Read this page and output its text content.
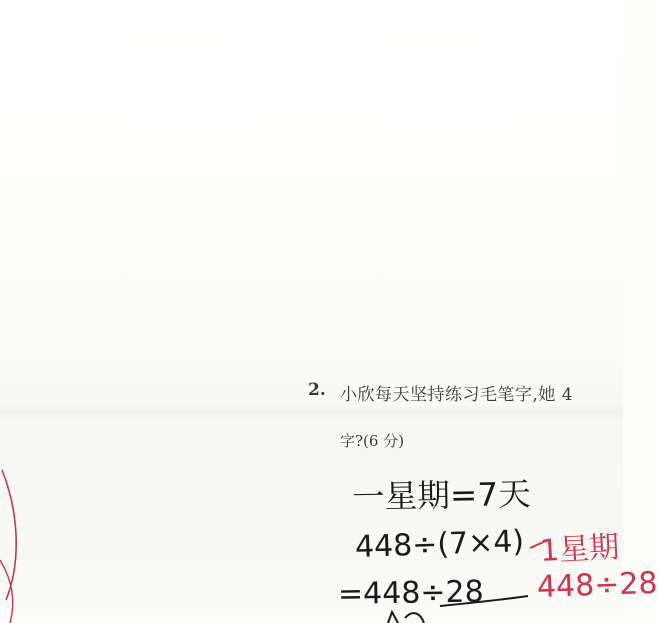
2. 小欣每天坚持练习毛笔字,她 4
字?(6 分)
一星期=7天
448÷(7×4)
=448÷28
1星期
448÷28
